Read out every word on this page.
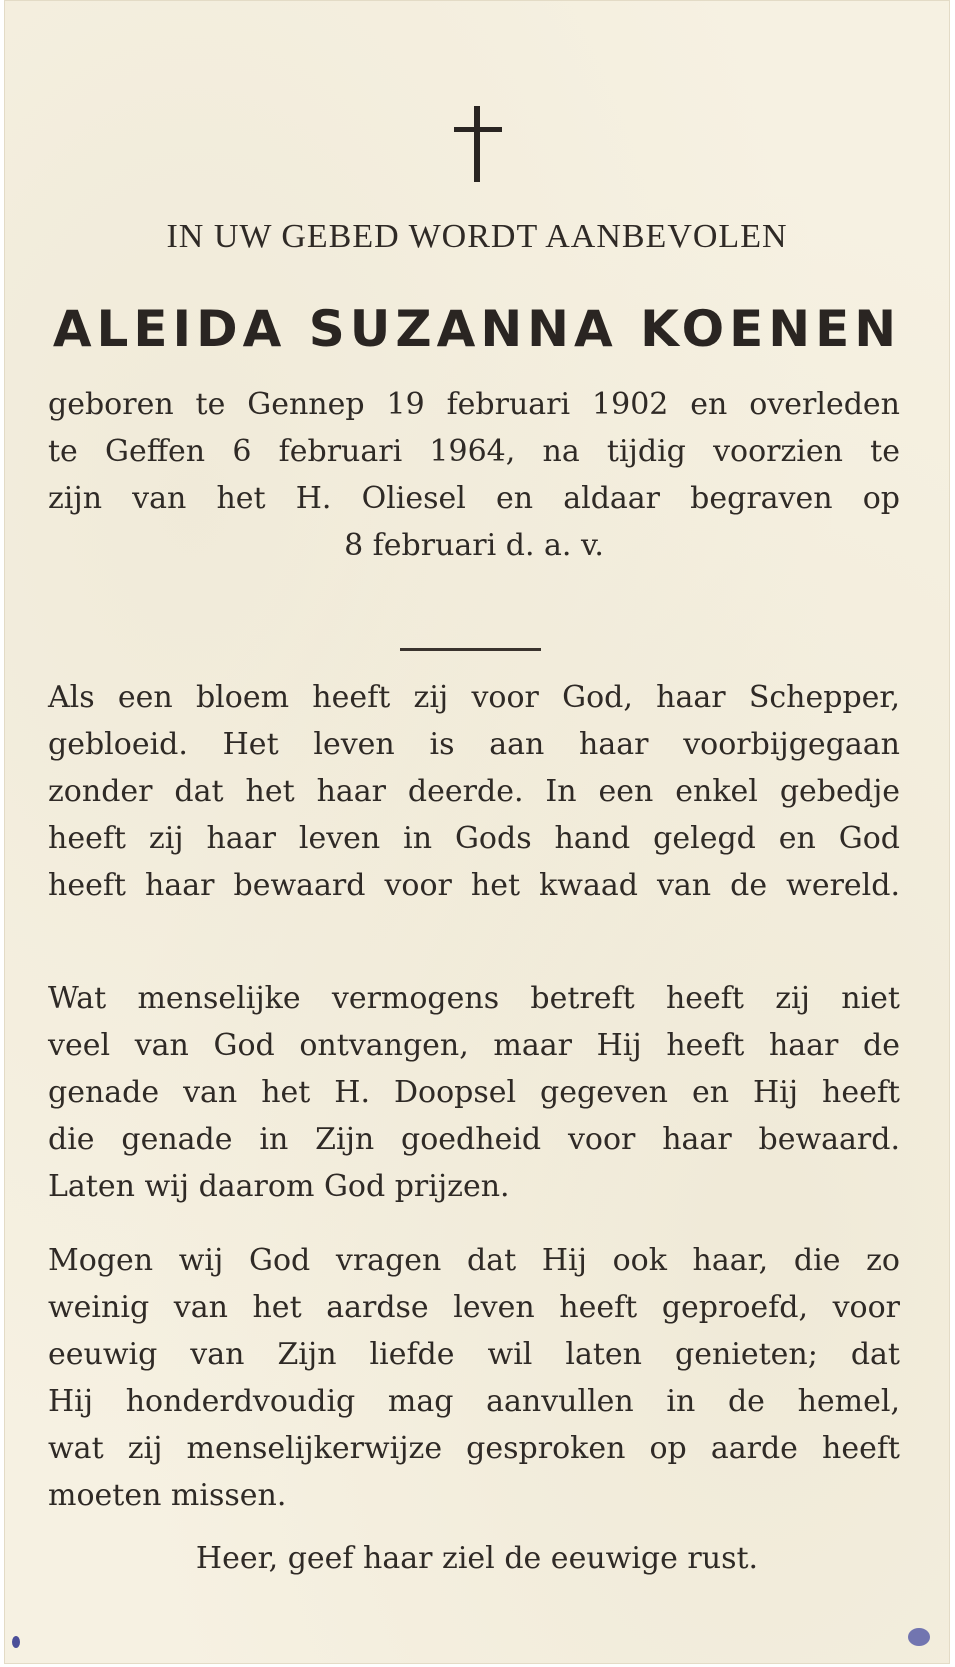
IN UW GEBED WORDT AANBEVOLEN
ALEIDA SUZANNA KOENEN
geboren te Gennep 19 februari 1902 en overleden
te Geffen 6 februari 1964, na tijdig voorzien te
zijn van het H. Oliesel en aldaar begraven op
8 februari d. a. v.
Als een bloem heeft zij voor God, haar Schepper,
gebloeid. Het leven is aan haar voorbijgegaan
zonder dat het haar deerde. In een enkel gebedje
heeft zij haar leven in Gods hand gelegd en God
heeft haar bewaard voor het kwaad van de wereld.
Wat menselijke vermogens betreft heeft zij niet
veel van God ontvangen, maar Hij heeft haar de
genade van het H. Doopsel gegeven en Hij heeft
die genade in Zijn goedheid voor haar bewaard.
Laten wij daarom God prijzen.
Mogen wij God vragen dat Hij ook haar, die zo
weinig van het aardse leven heeft geproefd, voor
eeuwig van Zijn liefde wil laten genieten; dat
Hij honderdvoudig mag aanvullen in de hemel,
wat zij menselijkerwijze gesproken op aarde heeft
moeten missen.
Heer, geef haar ziel de eeuwige rust.
